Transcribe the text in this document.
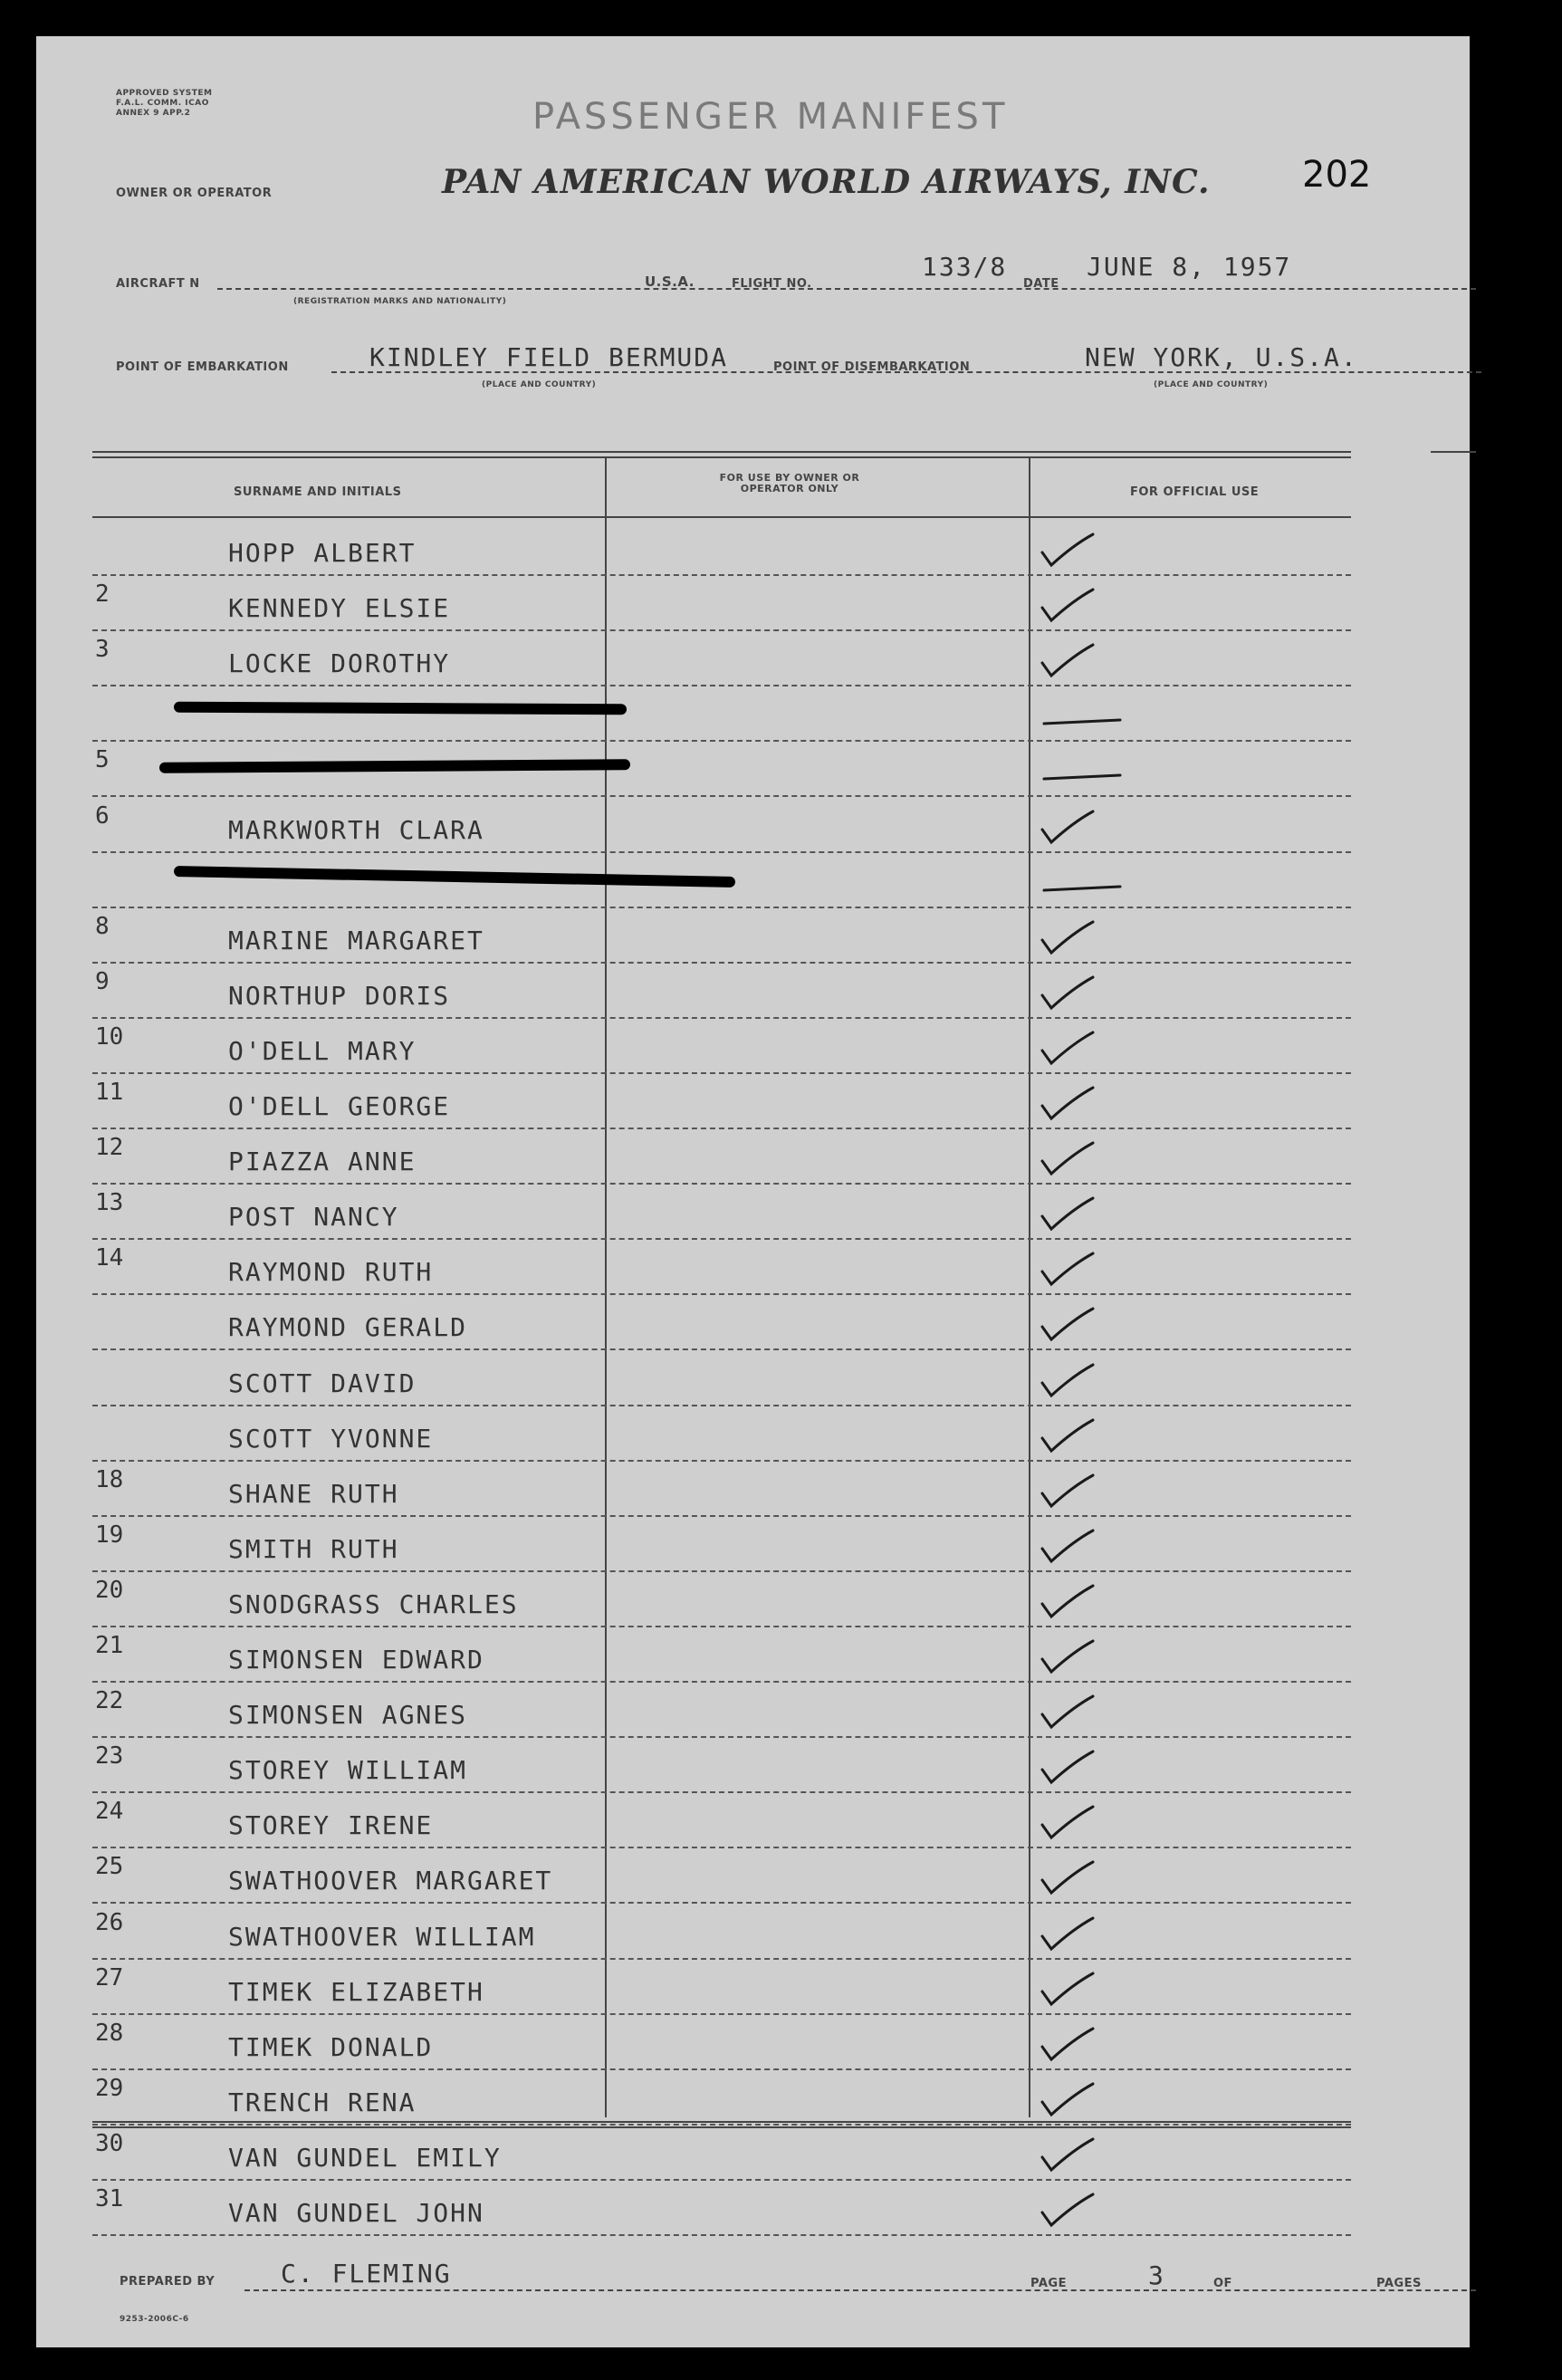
APPROVED SYSTEM F.A.L. COMM. ICAO ANNEX 9 APP.2	PASSENGER MANIFEST
OWNER OR OPERATOR	PAN AMERICAN WORLD AIRWAYS, INC.	202
AIRCRAFT N
(REGISTRATION MARKS AND NATIONALITY)
U.S.A.	FLIGHT NO.
133/8
DATE
JUNE 8, 1957
POINT OF EMBARKATION	KINDLEY FIELD BERMUDA
(PLACE AND COUNTRY)
POINT OF DISEMBARKATION	NEW YORK, U.S.A.
(PLACE AND COUNTRY)
SURNAME AND INITIALS
FOR USE BY OWNER OR OPERATOR ONLY	FOR OFFICIAL USE
HOPP ALBERT
2	KENNEDY ELSIE
3	LOCKE DOROTHY
5
6	MARKWORTH CLARA
8	MARINE MARGARET
9	NORTHUP DORIS
10	O'DELL MARY
11	O'DELL GEORGE
12	PIAZZA ANNE
13	POST NANCY
14	RAYMOND RUTH
RAYMOND GERALD
SCOTT DAVID
SCOTT YVONNE
18	SHANE RUTH
19	SMITH RUTH
20	SNODGRASS CHARLES
21	SIMONSEN EDWARD
22	SIMONSEN AGNES
23	STOREY WILLIAM
24	STOREY IRENE
25	SWATHOOVER MARGARET
26	SWATHOOVER WILLIAM
27	TIMEK ELIZABETH
28	TIMEK DONALD
29	TRENCH RENA
30	VAN GUNDEL EMILY
31	VAN GUNDEL JOHN
PREPARED BY	C. FLEMING	PAGE	3	OF	PAGES
9253-2006C-6
